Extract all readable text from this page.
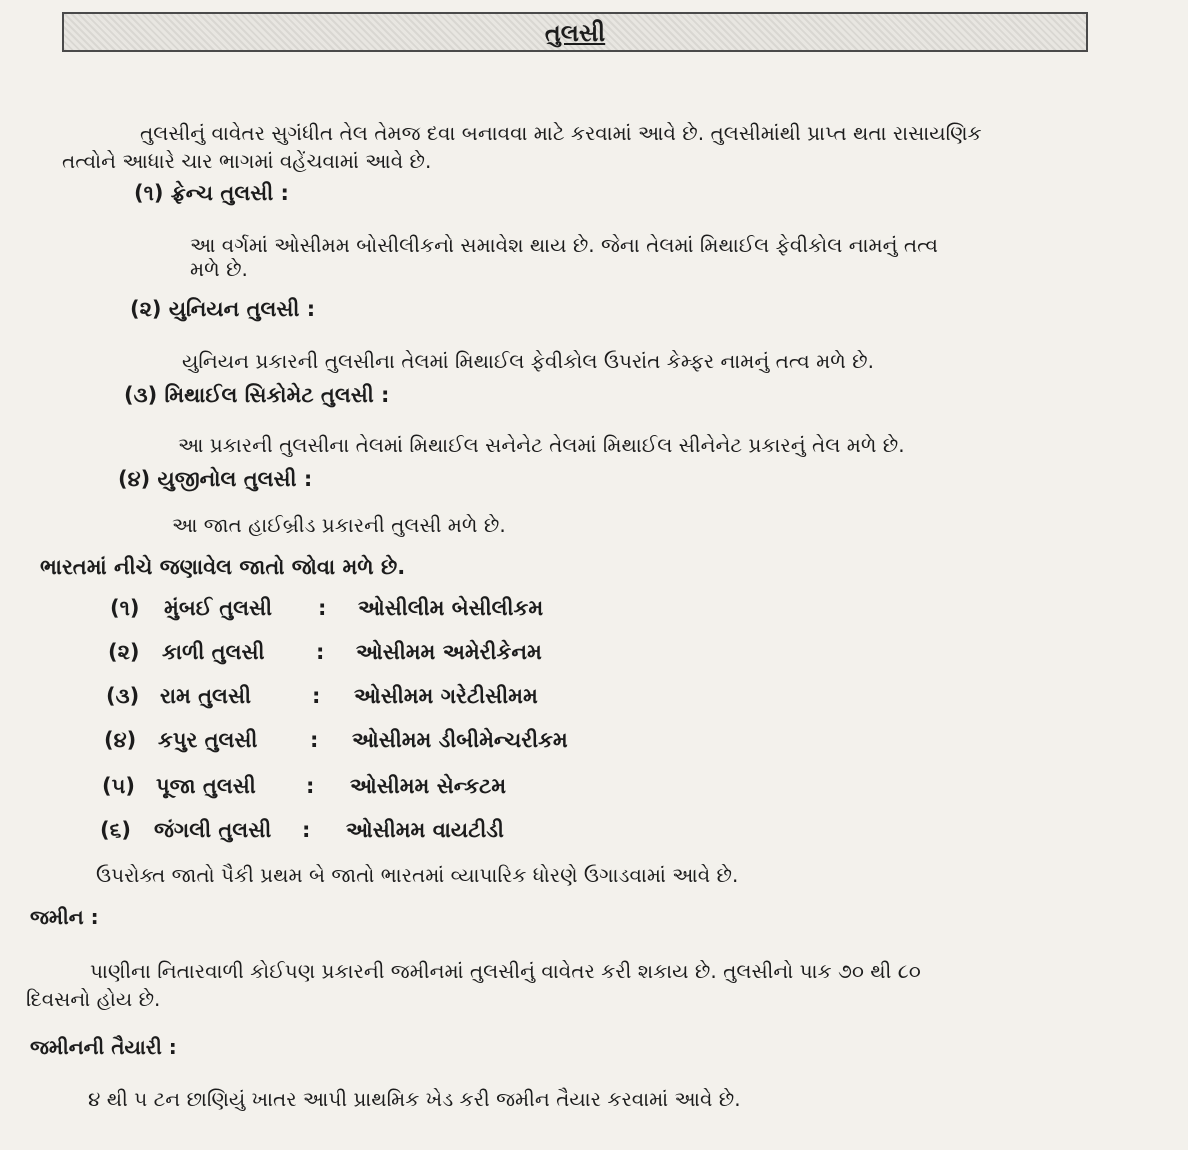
તુલસી
તુલસીનું વાવેતર સુગંધીત તેલ તેમજ દવા બનાવવા માટે કરવામાં આવે છે. તુલસીમાંથી પ્રાપ્ત થતા રાસાયણિક
તત્વોને આધારે ચાર ભાગમાં વહેંચવામાં આવે છે.
(૧) ફ્રેન્ચ તુલસી :
આ વર્ગમાં ઓસીમમ બોસીલીકનો સમાવેશ થાય છે. જેના તેલમાં મિથાઈલ ફેવીકોલ નામનું તત્વ
મળે છે.
(૨) યુનિયન તુલસી :
યુનિયન પ્રકારની તુલસીના તેલમાં મિથાઈલ ફેવીકોલ ઉપરાંત કેમ્ફર નામનું તત્વ મળે છે.
(૩) મિથાઈલ સિકોમેટ તુલસી :
આ પ્રકારની તુલસીના તેલમાં મિથાઈલ સનેનેટ તેલમાં મિથાઈલ સીનેનેટ પ્રકારનું તેલ મળે છે.
(૪) યુજીનોલ તુલસી :
આ જાત હાઈબ્રીડ પ્રકારની તુલસી મળે છે.
ભારતમાં નીચે જણાવેલ જાતો જોવા મળે છે.
(૧) મુંબઈ તુલસી : ઓસીલીમ બેસીલીકમ
(૨) કાળી તુલસી : ઓસીમમ અમેરીકેનમ
(૩) રામ તુલસી	: ઓસીમમ ગરેટીસીમમ
(૪) કપુર તુલસી	: ઓસીમમ ડીબીમેન્ચરીકમ
(૫) પૂજા તુલસી : ઓસીમમ સેન્કટમ
(૬) જંગલી તુલસી : ઓસીમમ વાયટીડી
ઉપરોક્ત જાતો પૈકી પ્રથમ બે જાતો ભારતમાં વ્યાપારિક ધોરણે ઉગાડવામાં આવે છે.
જમીન :
પાણીના નિતારવાળી કોઈપણ પ્રકારની જમીનમાં તુલસીનું વાવેતર કરી શકાય છે. તુલસીનો પાક ૭૦ થી ૮૦
દિવસનો હોય છે.
જમીનની તૈયારી :
૪ થી ૫ ટન છાણિયું ખાતર આપી પ્રાથમિક ખેડ કરી જમીન તૈયાર કરવામાં આવે છે.
